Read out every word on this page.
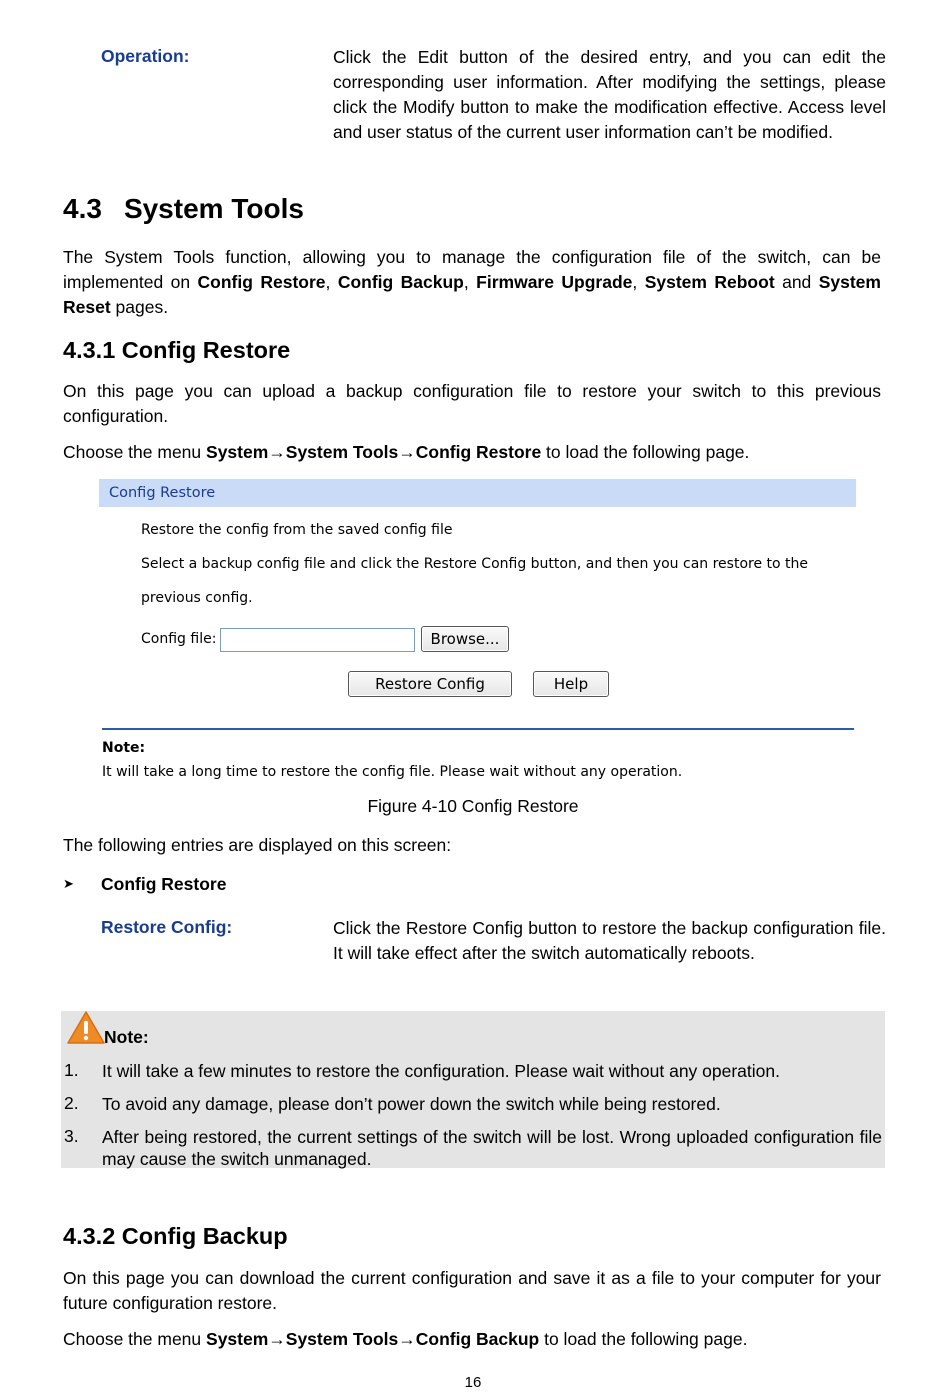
Operation:	Click the Edit button of the desired entry, and you can edit the corresponding user information. After modifying the settings, please click the Modify button to make the modification effective. Access level and user status of the current user information can’t be modified.
4.3 System Tools
The System Tools function, allowing you to manage the configuration file of the switch, can be implemented on Config Restore, Config Backup, Firmware Upgrade, System Reboot and System Reset pages.
4.3.1 Config Restore
On this page you can upload a backup configuration file to restore your switch to this previous configuration.
Choose the menu System→System Tools→Config Restore to load the following page.
Config Restore
Restore the config from the saved config file
Select a backup config file and click the Restore Config button, and then you can restore to the
previous config.
Config file:	Browse...
Restore Config	Help
Note:
It will take a long time to restore the config file. Please wait without any operation.
Figure 4-10 Config Restore
The following entries are displayed on this screen:
➤ Config Restore
Restore Config:	Click the Restore Config button to restore the backup configuration file. It will take effect after the switch automatically reboots.
Note:
1.	It will take a few minutes to restore the configuration. Please wait without any operation.
2.	To avoid any damage, please don’t power down the switch while being restored.
3.	After being restored, the current settings of the switch will be lost. Wrong uploaded configuration file may cause the switch unmanaged.
4.3.2 Config Backup
On this page you can download the current configuration and save it as a file to your computer for your future configuration restore.
Choose the menu System→System Tools→Config Backup to load the following page.
16
